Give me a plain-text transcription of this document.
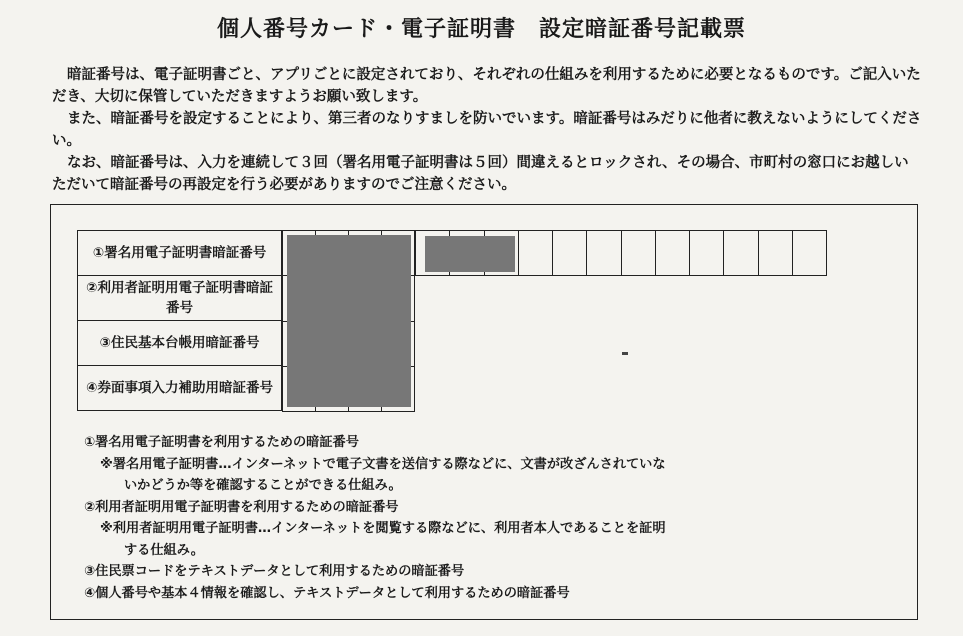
個人番号カード・電子証明書　設定暗証番号記載票

暗証番号は、電子証明書ごと、アプリごとに設定されており、それぞれの仕組みを利用するために必要となるものです。ご記入いただき、大切に保管していただきますようお願い致します。

また、暗証番号を設定することにより、第三者のなりすましを防いでいます。暗証番号はみだりに他者に教えないようにしてください。

なお、暗証番号は、入力を連続して３回（署名用電子証明書は５回）間違えるとロックされ、その場合、市町村の窓口にお越しいただいて暗証番号の再設定を行う必要がありますのでご注意ください。

①署名用電子証明書暗証番号
②利用者証明用電子証明書暗証番号
③住民基本台帳用暗証番号
④券面事項入力補助用暗証番号

①署名用電子証明書を利用するための暗証番号
※署名用電子証明書…インターネットで電子文書を送信する際などに、文書が改ざんされていな
いかどうか等を確認することができる仕組み。
②利用者証明用電子証明書を利用するための暗証番号
※利用者証明用電子証明書…インターネットを閲覧する際などに、利用者本人であることを証明
する仕組み。
③住民票コードをテキストデータとして利用するための暗証番号
④個人番号や基本４情報を確認し、テキストデータとして利用するための暗証番号
